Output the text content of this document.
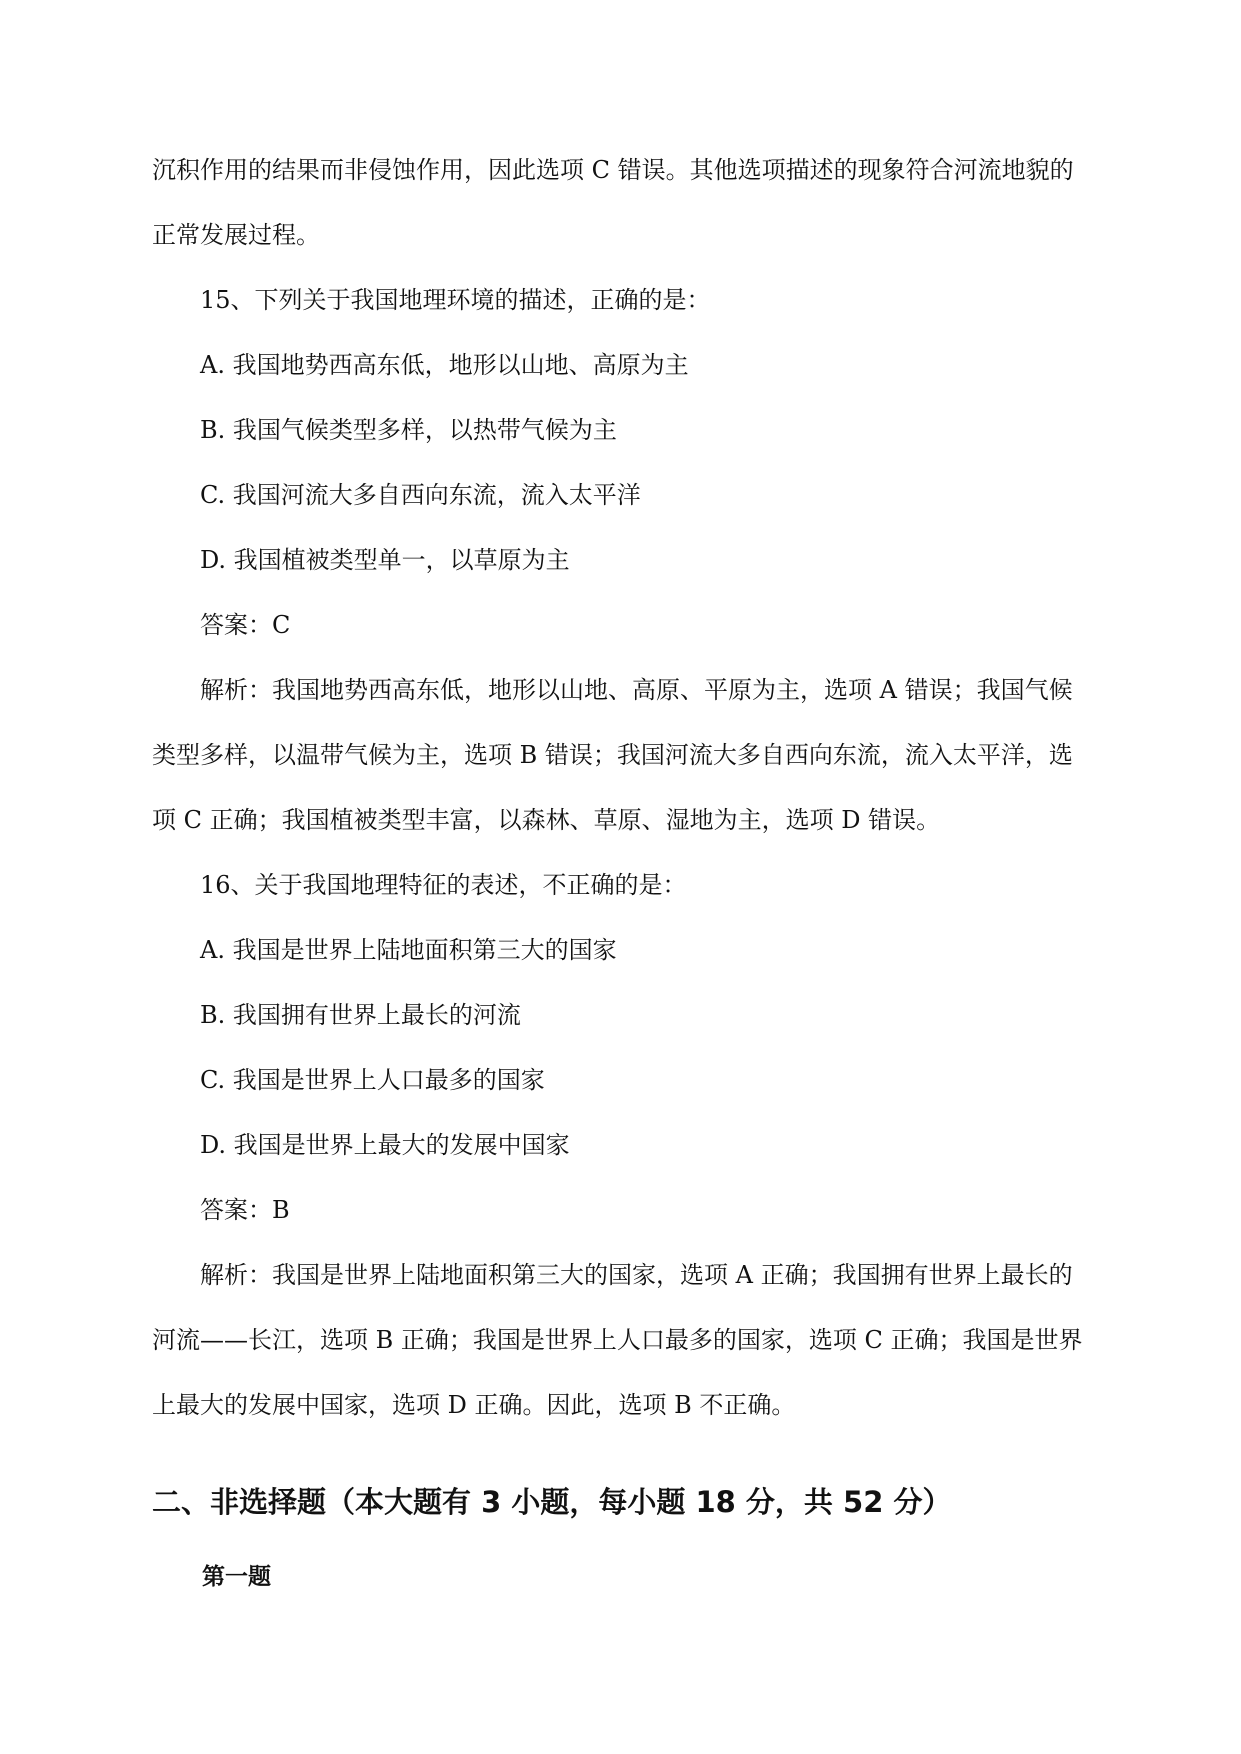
沉积作用的结果而非侵蚀作用，因此选项 C 错误。其他选项描述的现象符合河流地貌的

正常发展过程。

15、下列关于我国地理环境的描述，正确的是：

A. 我国地势西高东低，地形以山地、高原为主

B. 我国气候类型多样，以热带气候为主

C. 我国河流大多自西向东流，流入太平洋

D. 我国植被类型单一，以草原为主

答案：C

解析：我国地势西高东低，地形以山地、高原、平原为主，选项 A 错误；我国气候

类型多样，以温带气候为主，选项 B 错误；我国河流大多自西向东流，流入太平洋，选

项 C 正确；我国植被类型丰富，以森林、草原、湿地为主，选项 D 错误。

16、关于我国地理特征的表述，不正确的是：

A. 我国是世界上陆地面积第三大的国家

B. 我国拥有世界上最长的河流

C. 我国是世界上人口最多的国家

D. 我国是世界上最大的发展中国家

答案：B

解析：我国是世界上陆地面积第三大的国家，选项 A 正确；我国拥有世界上最长的

河流——长江，选项 B 正确；我国是世界上人口最多的国家，选项 C 正确；我国是世界

上最大的发展中国家，选项 D 正确。因此，选项 B 不正确。

二、非选择题（本大题有 3 小题，每小题 18 分，共 52 分）
第一题
